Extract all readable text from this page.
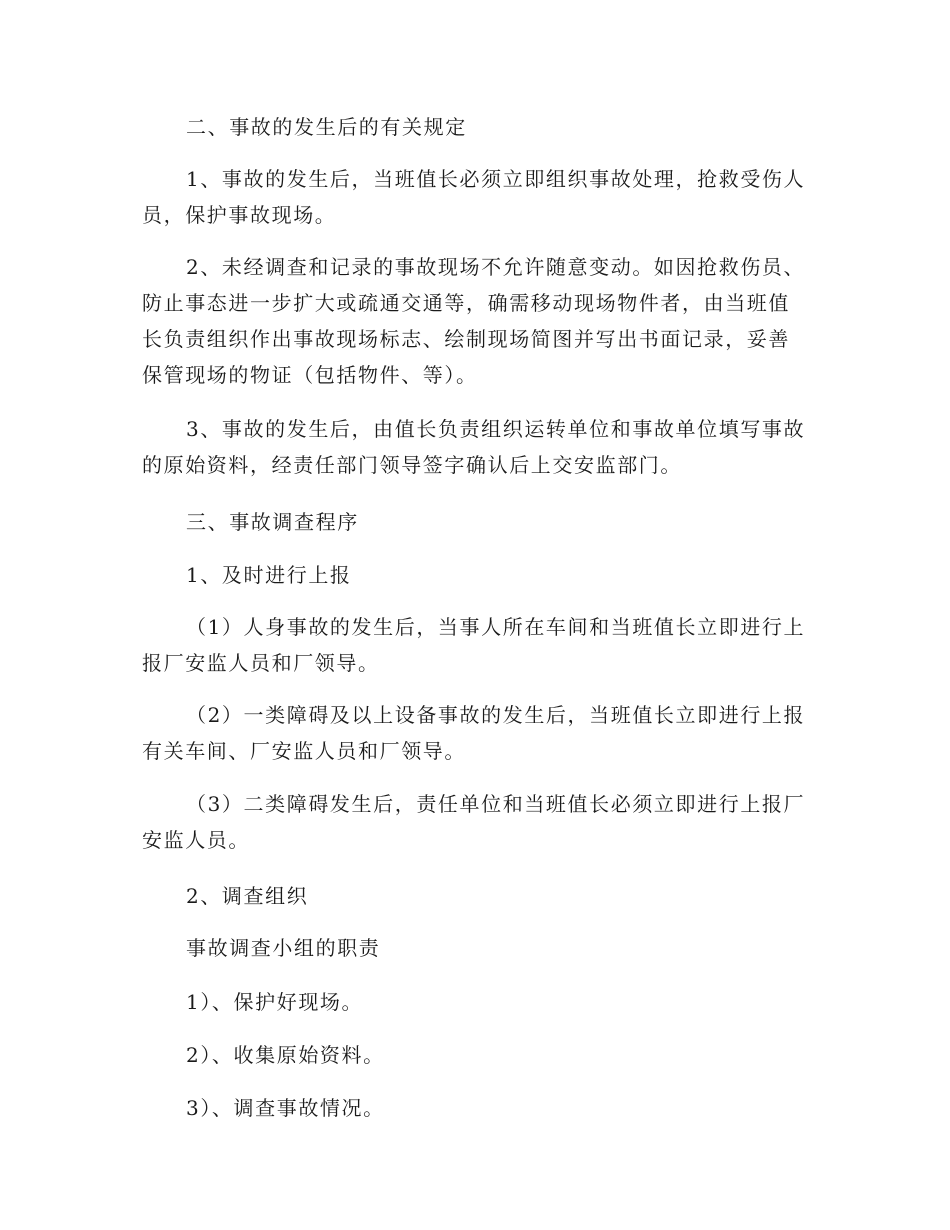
二、事故的发生后的有关规定

1、事故的发生后，当班值长必须立即组织事故处理，抢救受伤人员，保护事故现场。

2、未经调查和记录的事故现场不允许随意变动。如因抢救伤员、防止事态进一步扩大或疏通交通等，确需移动现场物件者，由当班值长负责组织作出事故现场标志、绘制现场简图并写出书面记录，妥善保管现场的物证（包括物件、等）。

3、事故的发生后，由值长负责组织运转单位和事故单位填写事故的原始资料，经责任部门领导签字确认后上交安监部门。

三、事故调查程序

1、及时进行上报

（1）人身事故的发生后，当事人所在车间和当班值长立即进行上报厂安监人员和厂领导。

（2）一类障碍及以上设备事故的发生后，当班值长立即进行上报有关车间、厂安监人员和厂领导。

（3）二类障碍发生后，责任单位和当班值长必须立即进行上报厂安监人员。

2、调查组织

事故调查小组的职责

1）、保护好现场。

2）、收集原始资料。

3）、调查事故情况。
